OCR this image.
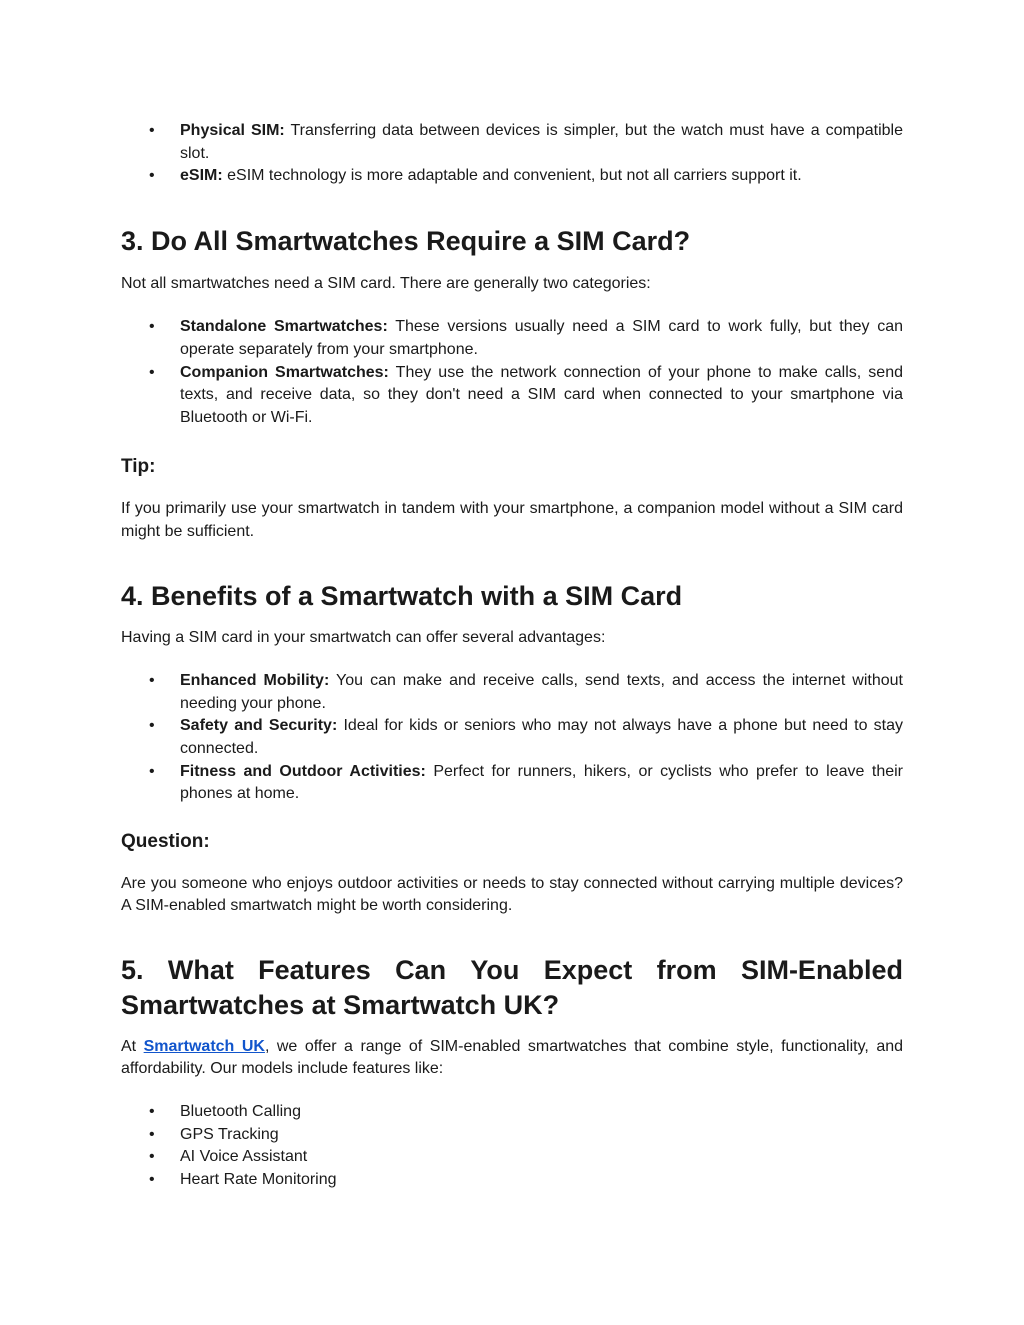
• Physical SIM: Transferring data between devices is simpler, but the watch must have a compatible slot.
• eSIM: eSIM technology is more adaptable and convenient, but not all carriers support it.
3. Do All Smartwatches Require a SIM Card?

Not all smartwatches need a SIM card. There are generally two categories:

• Standalone Smartwatches: These versions usually need a SIM card to work fully, but they can operate separately from your smartphone.
• Companion Smartwatches: They use the network connection of your phone to make calls, send texts, and receive data, so they don't need a SIM card when connected to your smartphone via Bluetooth or Wi-Fi.
Tip:

If you primarily use your smartwatch in tandem with your smartphone, a companion model without a SIM card might be sufficient.

4. Benefits of a Smartwatch with a SIM Card

Having a SIM card in your smartwatch can offer several advantages:

• Enhanced Mobility: You can make and receive calls, send texts, and access the internet without needing your phone.
• Safety and Security: Ideal for kids or seniors who may not always have a phone but need to stay connected.
• Fitness and Outdoor Activities: Perfect for runners, hikers, or cyclists who prefer to leave their phones at home.
Question:

Are you someone who enjoys outdoor activities or needs to stay connected without carrying multiple devices? A SIM-enabled smartwatch might be worth considering.

5. What Features Can You Expect from SIM-Enabled
Smartwatches at Smartwatch UK?

At Smartwatch UK, we offer a range of SIM-enabled smartwatches that combine style, functionality, and affordability. Our models include features like:

• Bluetooth Calling
• GPS Tracking
• AI Voice Assistant
• Heart Rate Monitoring
